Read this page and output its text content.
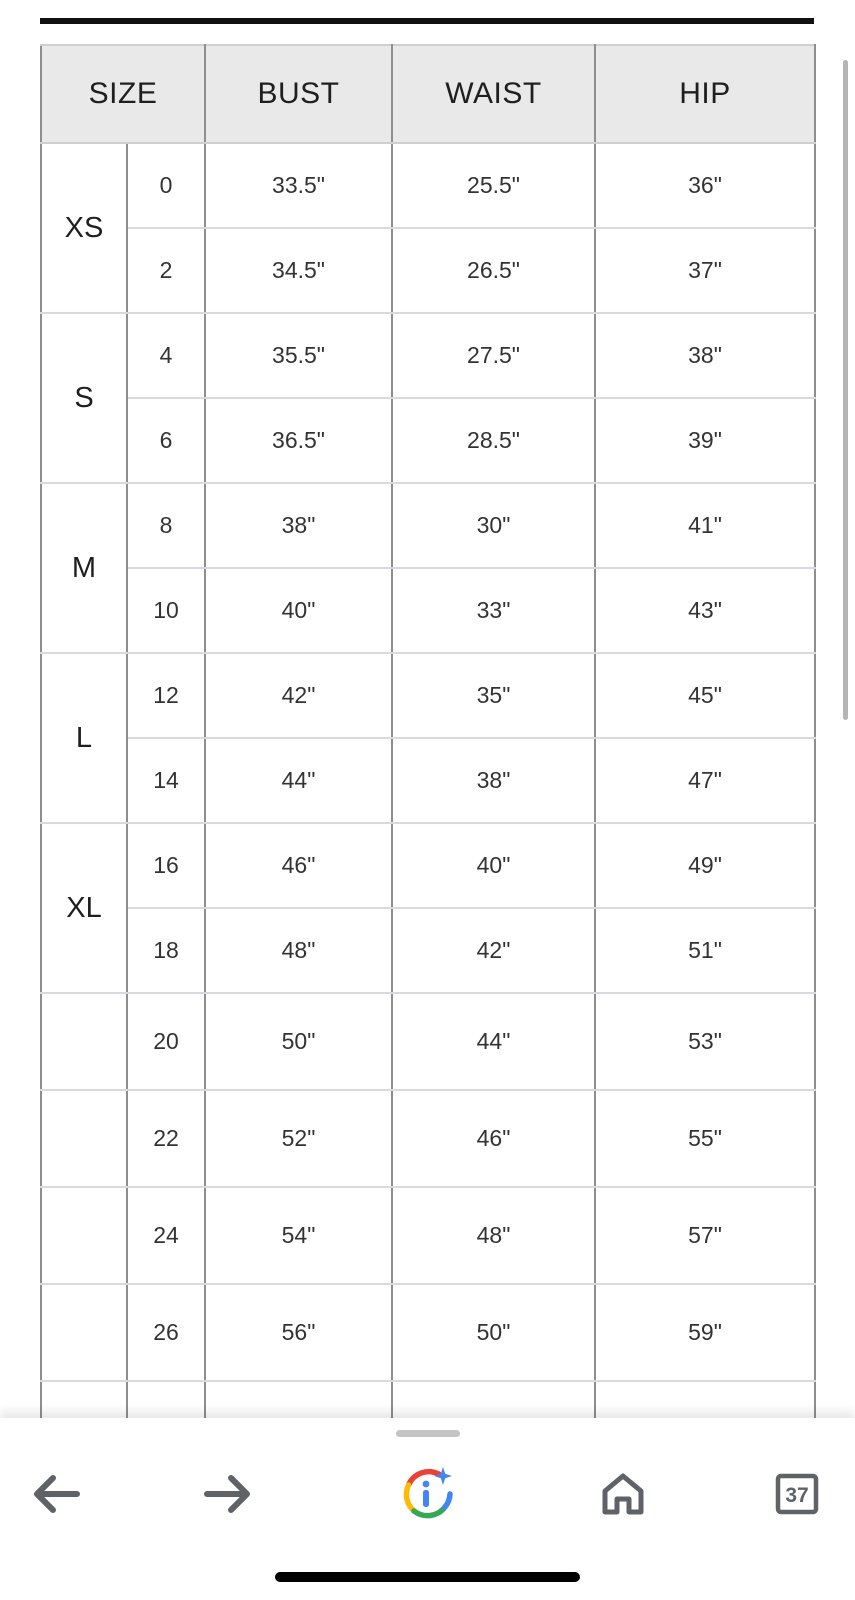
SIZE		BUST	WAIST	HIP
XS	0	33.5"	25.5"	36"
	2	34.5"	26.5"	37"
S	4	35.5"	27.5"	38"
	6	36.5"	28.5"	39"
M	8	38"	30"	41"
	10	40"	33"	43"
L	12	42"	35"	45"
	14	44"	38"	47"
XL	16	46"	40"	49"
	18	48"	42"	51"
	20	50"	44"	53"
	22	52"	46"	55"
	24	54"	48"	57"
	26	56"	50"	59"

37
